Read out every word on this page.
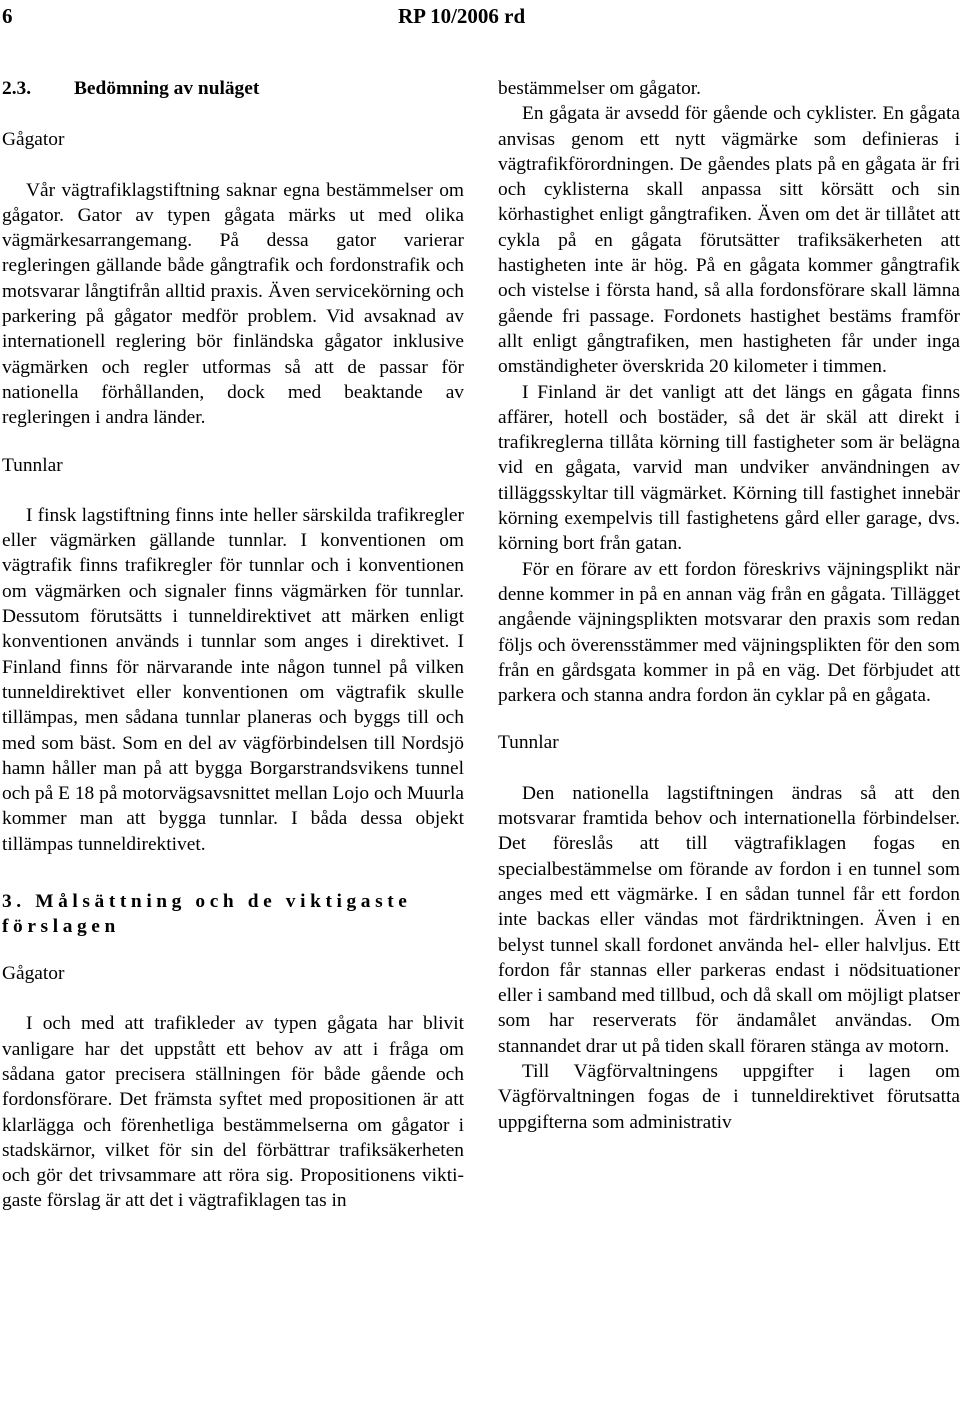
6	RP 10/2006 rd

2.3. Bedömning av nuläget

Gågator

Vår vägtrafiklagstiftning saknar egna bestämmelser om gågator. Gator av typen gågata märks ut med olika vägmärkesarrangemang. På dessa gator varierar regleringen gällande både gångtrafik och fordonstrafik och motsvarar långtifrån alltid praxis. Även servicekörning och parkering på gågator medför problem. Vid avsaknad av internationell reglering bör finländska gågator inklusive vägmärken och regler utformas så att de passar för nationella förhållanden, dock med beaktande av regleringen i andra länder.

Tunnlar

I finsk lagstiftning finns inte heller särskilda trafikregler eller vägmärken gällande tunnlar. I konventionen om vägtrafik finns trafikregler för tunnlar och i konventionen om vägmärken och signaler finns vägmärken för tunnlar. Dessutom förutsätts i tunneldirektivet att märken enligt konventionen används i tunnlar som anges i direktivet. I Finland finns för närvarande inte någon tunnel på vilken tunneldirektivet eller konventionen om vägtrafik skulle tillämpas, men sådana tunnlar planeras och byggs till och med som bäst. Som en del av vägförbindelsen till Nordsjö hamn håller man på att bygga Borgarstrandsvikens tunnel och på E 18 på motorvägsavsnittet mellan Lojo och Muurla kommer man att bygga tunnlar. I båda dessa objekt tillämpas tunneldirektivet.

3. Målsättning och de viktigaste
förslagen

Gågator

I och med att trafikleder av typen gågata har blivit vanligare har det uppstått ett behov av att i fråga om sådana gator precisera ställningen för både gående och fordonsförare. Det främsta syftet med propositionen är att klarlägga och förenhetliga bestämmelserna om gågator i stadskärnor, vilket för sin del förbättrar trafiksäkerheten och gör det trivsammare att röra sig. Propositionens viktigaste förslag är att det i vägtrafiklagen tas in

bestämmelser om gågator.

En gågata är avsedd för gående och cyklister. En gågata anvisas genom ett nytt vägmärke som definieras i vägtrafikförordningen. De gåendes plats på en gågata är fri och cyklisterna skall anpassa sitt körsätt och sin körhastighet enligt gångtrafiken. Även om det är tillåtet att cykla på en gågata förutsätter trafiksäkerheten att hastigheten inte är hög. På en gågata kommer gångtrafik och vistelse i första hand, så alla fordonsförare skall lämna gående fri passage. Fordonets hastighet bestäms framför allt enligt gångtrafiken, men hastigheten får under inga omständigheter överskrida 20 kilometer i timmen.

I Finland är det vanligt att det längs en gågata finns affärer, hotell och bostäder, så det är skäl att direkt i trafikreglerna tillåta körning till fastigheter som är belägna vid en gågata, varvid man undviker användningen av tilläggsskyltar till vägmärket. Körning till fastighet innebär körning exempelvis till fastighetens gård eller garage, dvs. körning bort från gatan.

För en förare av ett fordon föreskrivs väjningsplikt när denne kommer in på en annan väg från en gågata. Tillägget angående väjningsplikten motsvarar den praxis som redan följs och överensstämmer med väjningsplikten för den som från en gårdsgata kommer in på en väg. Det förbjudet att parkera och stanna andra fordon än cyklar på en gågata.

Tunnlar

Den nationella lagstiftningen ändras så att den motsvarar framtida behov och internationella förbindelser. Det föreslås att till vägtrafiklagen fogas en specialbestämmelse om förande av fordon i en tunnel som anges med ett vägmärke. I en sådan tunnel får ett fordon inte backas eller vändas mot färdriktningen. Även i en belyst tunnel skall fordonet använda hel- eller halvljus. Ett fordon får stannas eller parkeras endast i nödsituationer eller i samband med tillbud, och då skall om möjligt platser som har reserverats för ändamålet användas. Om stannandet drar ut på tiden skall föraren stänga av motorn.

Till Vägförvaltningens uppgifter i lagen om Vägförvaltningen fogas de i tunneldirektivet förutsatta uppgifterna som administrativ
